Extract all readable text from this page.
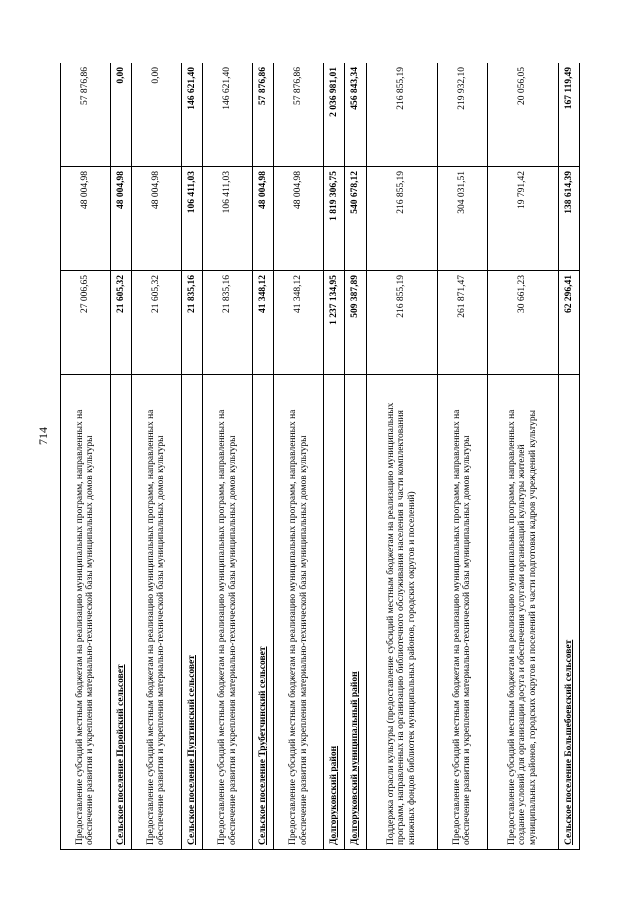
714	Предоставление субсидий местным бюджетам на реализацию муниципальных программ, направленных на обеспечение развития и укрепления материально-технической базы муниципальных домов культуры	27 006,65	48 004,98	57 876,86
Сельское поселение Поройский сельсовет	21 605,32	48 004,98	0,00
Предоставление субсидий местным бюджетам на реализацию муниципальных программ, направленных на обеспечение развития и укрепления материально-технической базы муниципальных домов культуры	21 605,32	48 004,98	0,00
Сельское поселение Пугятинский сельсовет	21 835,16	106 411,03	146 621,40
Предоставление субсидий местным бюджетам на реализацию муниципальных программ, направленных на обеспечение развития и укрепления материально-технической базы муниципальных домов культуры	21 835,16	106 411,03	146 621,40
Сельское поселение Трубетчинский сельсовет	41 348,12	48 004,98	57 876,86
Предоставление субсидий местным бюджетам на реализацию муниципальных программ, направленных на обеспечение развития и укрепления материально-технической базы муниципальных домов культуры	41 348,12	48 004,98	57 876,86
Долгоруковский район	1 237 134,95	1 819 306,75	2 036 981,01
Долгоруковский муниципальный район	509 387,89	540 678,12	456 843,34
Поддержка отрасли культуры (предоставление субсидий местным бюджетам на реализацию муниципальных программ, направленных на организацию библиотечного обслуживания населения в части комплектования книжных фондов библиотек муниципальных районов, городских округов и поселений)	216 855,19	216 855,19	216 855,19
Предоставление субсидий местным бюджетам на реализацию муниципальных программ, направленных на обеспечение развития и укрепления материально-технической базы муниципальных домов культуры	261 871,47	304 031,51	219 932,10
Предоставление субсидий местным бюджетам на реализацию муниципальных программ, направленных на создание условий для организации досуга и обеспечения услугами организаций культуры жителей муниципальных районов, городских округов и поселений в части подготовки кадров учреждений культуры	30 661,23	19 791,42	20 056,05
Сельское поселение Большебоевский сельсовет	62 296,41	138 614,39	167 119,49
